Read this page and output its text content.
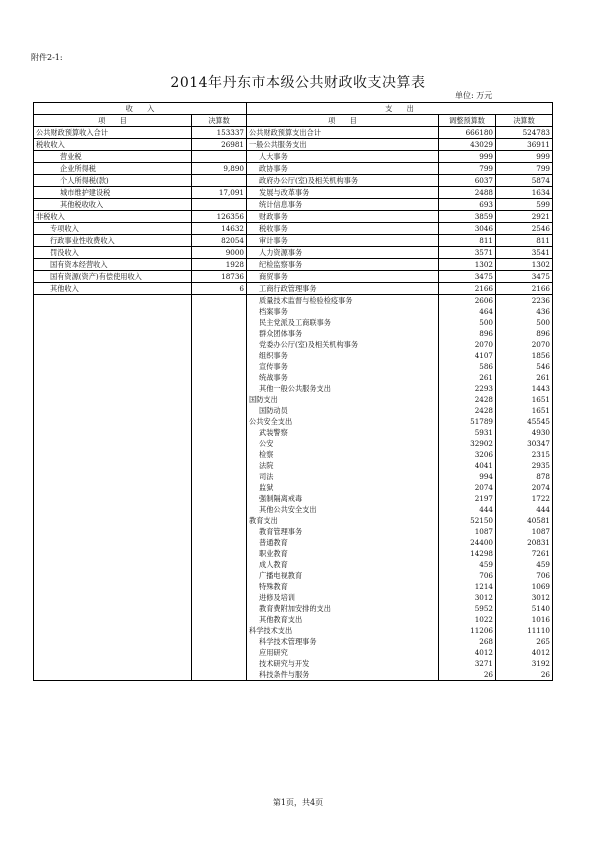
附件2-1:
2014年丹东市本级公共财政收支决算表
单位: 万元
收　　入		支　　出		
项　　目	决算数	项　　目	调整预算数	决算数
公共财政预算收入合计	153337	公共财政预算支出合计	666180	524783
税收收入	26981	一般公共服务支出	43029	36911
营业税		人大事务	999	999
企业所得税	9,890	政协事务	799	799
个人所得税(款)		政府办公厅(室)及相关机构事务	6037	5874
城市维护建设税	17,091	发展与改革事务	2488	1634
其他税收收入		统计信息事务	693	599
非税收入	126356	财政事务	3859	2921
专项收入	14632	税收事务	3046	2546
行政事业性收费收入	82054	审计事务	811	811
罚没收入	9000	人力资源事务	3571	3541
国有资本经营收入	1928	纪检监察事务	1302	1302
国有资源(资产)有偿使用收入	18736	商贸事务	3475	3475
其他收入	6	工商行政管理事务	2166	2166
		质量技术监督与检验检疫事务	2606	2236
		档案事务	464	436
		民主党派及工商联事务	500	500
		群众团体事务	896	896
		党委办公厅(室)及相关机构事务	2070	2070
		组织事务	4107	1856
		宣传事务	586	546
		统战事务	261	261
		其他一般公共服务支出	2293	1443
		国防支出	2428	1651
		国防动员	2428	1651
		公共安全支出	51789	45545
		武装警察	5931	4930
		公安	32902	30347
		检察	3206	2315
		法院	4041	2935
		司法	994	878
		监狱	2074	2074
		强制隔离戒毒	2197	1722
		其他公共安全支出	444	444
		教育支出	52150	40581
		教育管理事务	1087	1087
		普通教育	24400	20831
		职业教育	14298	7261
		成人教育	459	459
		广播电视教育	706	706
		特殊教育	1214	1069
		进修及培训	3012	3012
		教育费附加安排的支出	5952	5140
		其他教育支出	1022	1016
		科学技术支出	11206	11110
		科学技术管理事务	268	265
		应用研究	4012	4012
		技术研究与开发	3271	3192
		科技条件与服务	26	26
第1页，共4页
